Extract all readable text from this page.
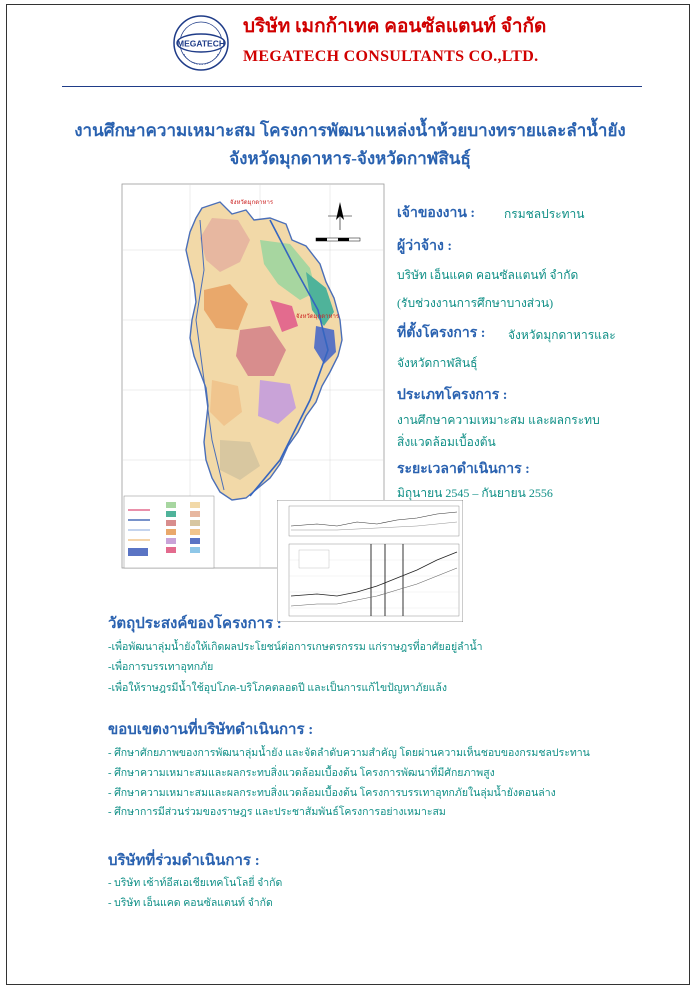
MEGATECH
บริษัท เมกก้าเทค คอนซัลแตนท์ จำกัด
MEGATECH CONSULTANTS CO.,LTD.
งานศึกษาความเหมาะสม โครงการพัฒนาแหล่งน้ำห้วยบางทรายและลำน้ำยัง
จังหวัดมุกดาหาร-จังหวัดกาฬสินธุ์
จังหวัดมุกดาหาร
จังหวัดมุกดาหาร
เจ้าของงาน : กรมชลประทาน
ผู้ว่าจ้าง :
บริษัท เอ็นแคด คอนซัลแตนท์ จำกัด
(รับช่วงงานการศึกษาบางส่วน)
ที่ตั้งโครงการ : จังหวัดมุกดาหารและ
จังหวัดกาฬสินธุ์
ประเภทโครงการ :
งานศึกษาความเหมาะสม และผลกระทบ
สิ่งแวดล้อมเบื้องต้น
ระยะเวลาดำเนินการ :
มิถุนายน 2545 – กันยายน 2556
วัตถุประสงค์ของโครงการ :
-เพื่อพัฒนาลุ่มน้ำยังให้เกิดผลประโยชน์ต่อการเกษตรกรรม แก่ราษฎรที่อาศัยอยู่ลำน้ำ
-เพื่อการบรรเทาอุทกภัย
-เพื่อให้ราษฎรมีน้ำใช้อุปโภค-บริโภคตลอดปี และเป็นการแก้ไขปัญหาภัยแล้ง
ขอบเขตงานที่บริษัทดำเนินการ :
- ศึกษาศักยภาพของการพัฒนาลุ่มน้ำยัง และจัดลำดับความสำคัญ โดยผ่านความเห็นชอบของกรมชลประทาน
- ศึกษาความเหมาะสมและผลกระทบสิ่งแวดล้อมเบื้องต้น โครงการพัฒนาที่มีศักยภาพสูง
- ศึกษาความเหมาะสมและผลกระทบสิ่งแวดล้อมเบื้องต้น โครงการบรรเทาอุทกภัยในลุ่มน้ำยังตอนล่าง
- ศึกษาการมีส่วนร่วมของราษฎร และประชาสัมพันธ์โครงการอย่างเหมาะสม
บริษัทที่ร่วมดำเนินการ :
- บริษัท เซ้าท์อีสเอเชียเทคโนโลยี่ จำกัด
- บริษัท เอ็นแคด คอนซัลแตนท์ จำกัด
